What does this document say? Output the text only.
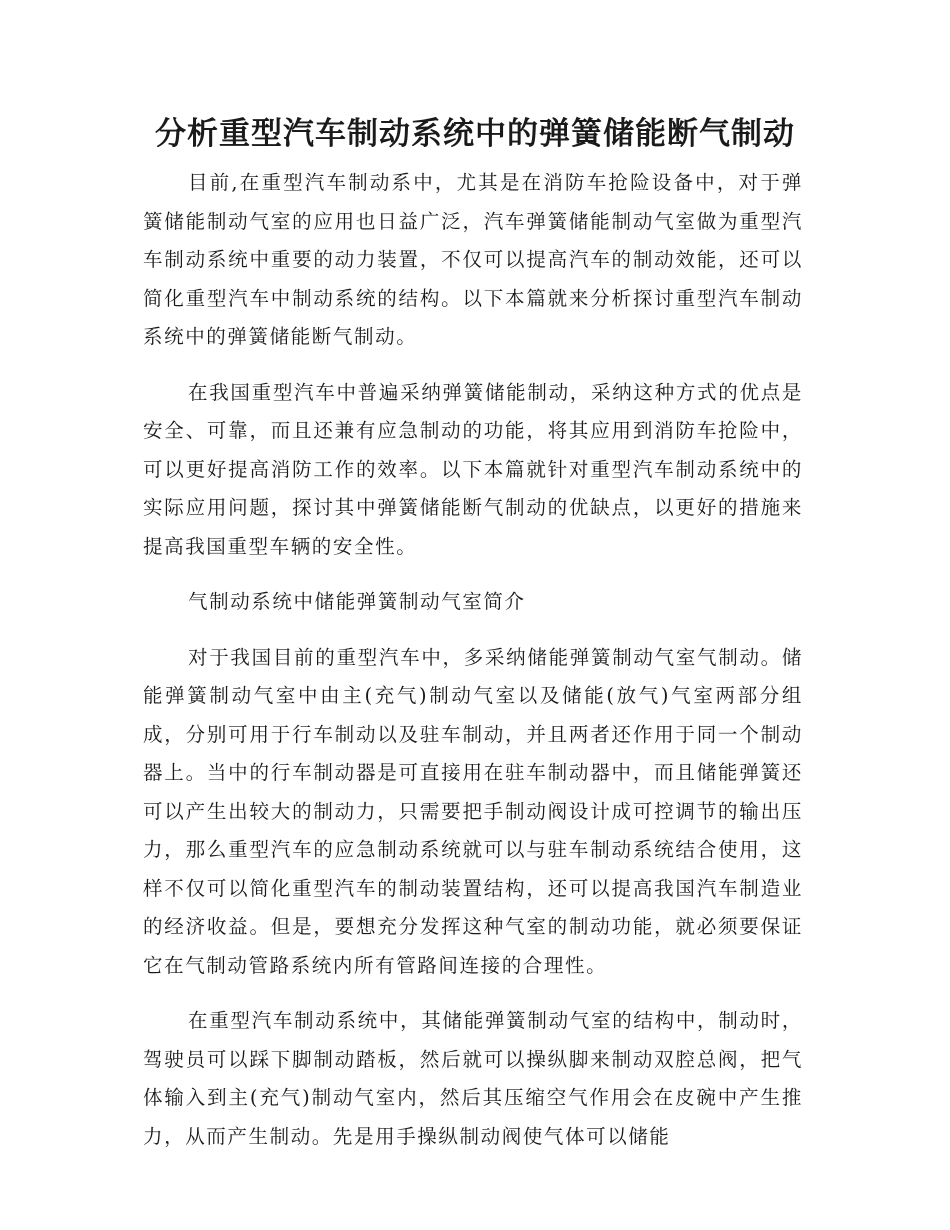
分析重型汽车制动系统中的弹簧储能断气制动

目前,在重型汽车制动系中，尤其是在消防车抢险设备中，对于弹簧储能制动气室的应用也日益广泛，汽车弹簧储能制动气室做为重型汽车制动系统中重要的动力装置，不仅可以提高汽车的制动效能，还可以简化重型汽车中制动系统的结构。以下本篇就来分析探讨重型汽车制动系统中的弹簧储能断气制动。

在我国重型汽车中普遍采纳弹簧储能制动，采纳这种方式的优点是安全、可靠，而且还兼有应急制动的功能，将其应用到消防车抢险中，可以更好提高消防工作的效率。以下本篇就针对重型汽车制动系统中的实际应用问题，探讨其中弹簧储能断气制动的优缺点，以更好的措施来提高我国重型车辆的安全性。

气制动系统中储能弹簧制动气室简介

对于我国目前的重型汽车中，多采纳储能弹簧制动气室气制动。储能弹簧制动气室中由主(充气)制动气室以及储能(放气)气室两部分组成，分别可用于行车制动以及驻车制动，并且两者还作用于同一个制动器上。当中的行车制动器是可直接用在驻车制动器中，而且储能弹簧还可以产生出较大的制动力，只需要把手制动阀设计成可控调节的输出压力，那么重型汽车的应急制动系统就可以与驻车制动系统结合使用，这样不仅可以简化重型汽车的制动装置结构，还可以提高我国汽车制造业的经济收益。但是，要想充分发挥这种气室的制动功能，就必须要保证它在气制动管路系统内所有管路间连接的合理性。

在重型汽车制动系统中，其储能弹簧制动气室的结构中，制动时，驾驶员可以踩下脚制动踏板，然后就可以操纵脚来制动双腔总阀，把气体输入到主(充气)制动气室内，然后其压缩空气作用会在皮碗中产生推力，从而产生制动。先是用手操纵制动阀使气体可以储能
